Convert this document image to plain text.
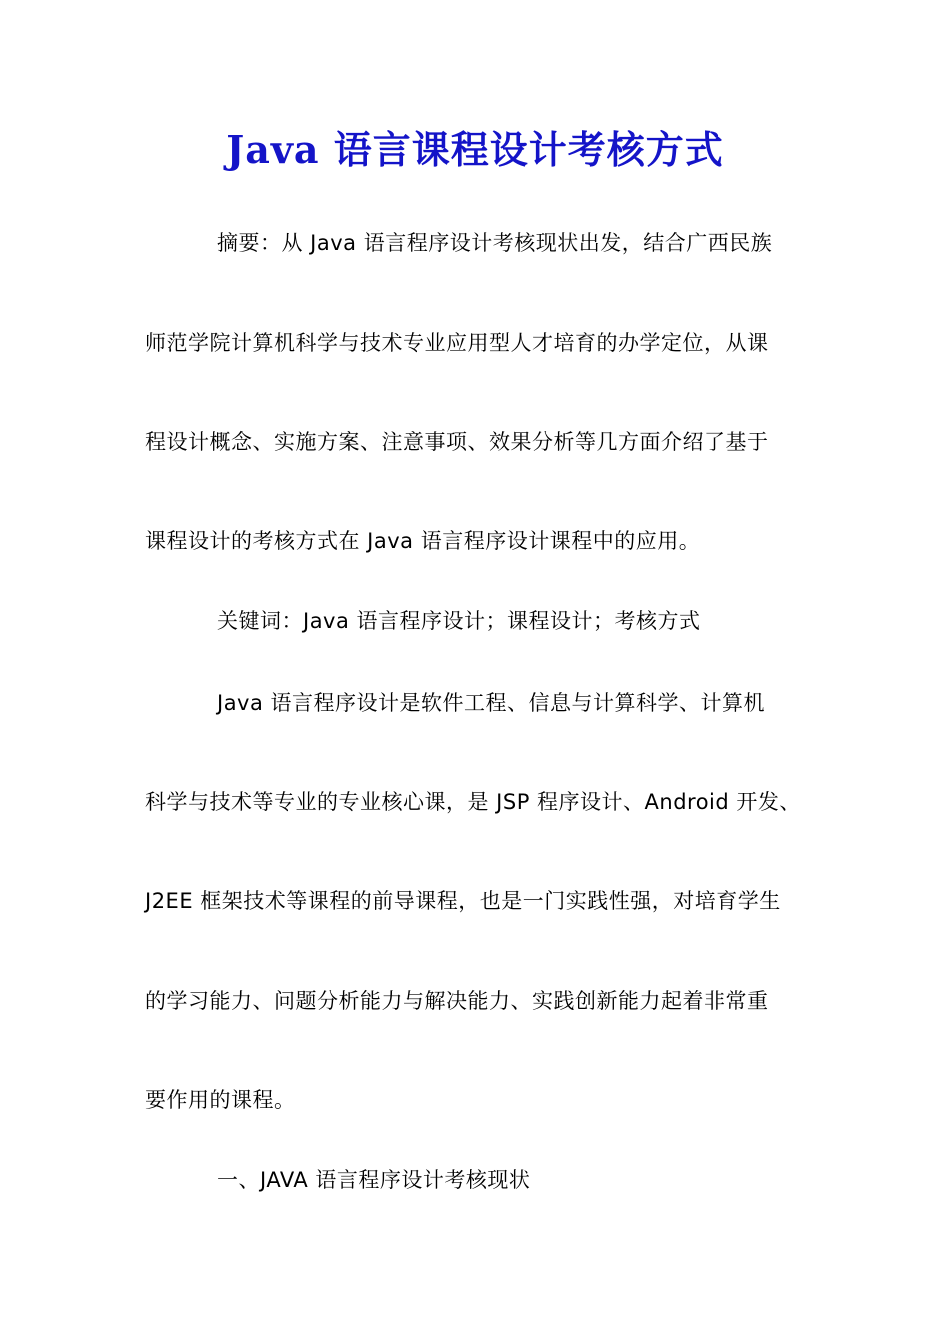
Java 语言课程设计考核方式
摘要：从 Java 语言程序设计考核现状出发，结合广西民族
师范学院计算机科学与技术专业应用型人才培育的办学定位，从课
程设计概念、实施方案、注意事项、效果分析等几方面介绍了基于
课程设计的考核方式在 Java 语言程序设计课程中的应用。
关键词：Java 语言程序设计；课程设计；考核方式
Java 语言程序设计是软件工程、信息与计算科学、计算机
科学与技术等专业的专业核心课，是 JSP 程序设计、Android 开发、
J2EE 框架技术等课程的前导课程，也是一门实践性强，对培育学生
的学习能力、问题分析能力与解决能力、实践创新能力起着非常重
要作用的课程。
一、JAVA 语言程序设计考核现状
